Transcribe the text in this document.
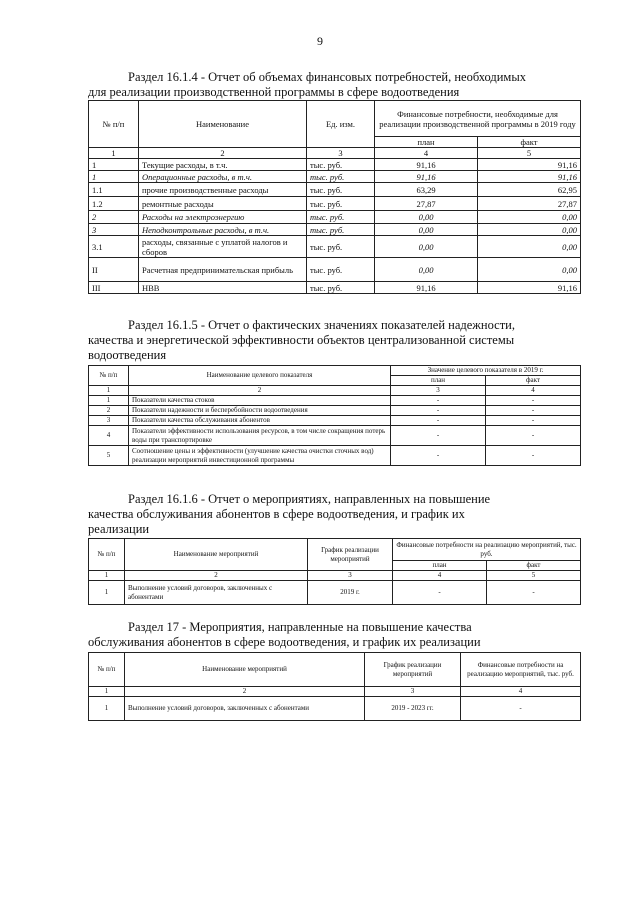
9
Раздел 16.1.4 - Отчет об объемах финансовых потребностей, необходимых
для реализации производственной программы в сфере водоотведения
№ п/п	Наименование	Ед. изм.	Финансовые потребности, необходимые для реализации производственной программы в 2019 году	
			план	факт
1	2	3	4	5
1	Текущие расходы, в т.ч.	тыс. руб.	91,16	91,16
1	Операционные расходы, в т.ч.	тыс. руб.	91,16	91,16
1.1	прочие производственные расходы	тыс. руб.	63,29	62,95
1.2	ремонтные расходы	тыс. руб.	27,87	27,87
2	Расходы на электроэнергию	тыс. руб.	0,00	0,00
3	Неподконтрольные расходы, в т.ч.	тыс. руб.	0,00	0,00
3.1	расходы, связанные с уплатой налогов и сборов	тыс. руб.	0,00	0,00
II	Расчетная предпринимательская прибыль	тыс. руб.	0,00	0,00
III	НВВ	тыс. руб.	91,16	91,16
Раздел 16.1.5 - Отчет о фактических значениях показателей надежности,
качества и энергетической эффективности объектов централизованной системы
водоотведения
№ п/п	Наименование целевого показателя	Значение целевого показателя в 2019 г.	
		план	факт
1	2	3	4
1	Показатели качества стоков	-	-
2	Показатели надежности и бесперебойности водоотведения	-	-
3	Показатели качества обслуживания абонентов	-	-
4	Показатели эффективности использования ресурсов, в том числе сокращения потерь воды при транспортировке	-	-
5	Соотношение цены и эффективности (улучшение качества очистки сточных вод) реализации мероприятий инвестиционной программы	-	-
Раздел 16.1.6 - Отчет о мероприятиях, направленных на повышение
качества обслуживания абонентов в сфере водоотведения, и график их
реализации
№ п/п	Наименование мероприятий	График реализации мероприятий	Финансовые потребности на реализацию мероприятий, тыс. руб.	
			план	факт
1	2	3	4	5
1	Выполнение условий договоров, заключенных с абонентами	2019 г.	-	-
Раздел 17 - Мероприятия, направленные на повышение качества
обслуживания абонентов в сфере водоотведения, и график их реализации
№ п/п	Наименование мероприятий	График реализации мероприятий	Финансовые потребности на реализацию мероприятий, тыс. руб.
1	2	3	4
1	Выполнение условий договоров, заключенных с абонентами	2019 - 2023 гг.	-
